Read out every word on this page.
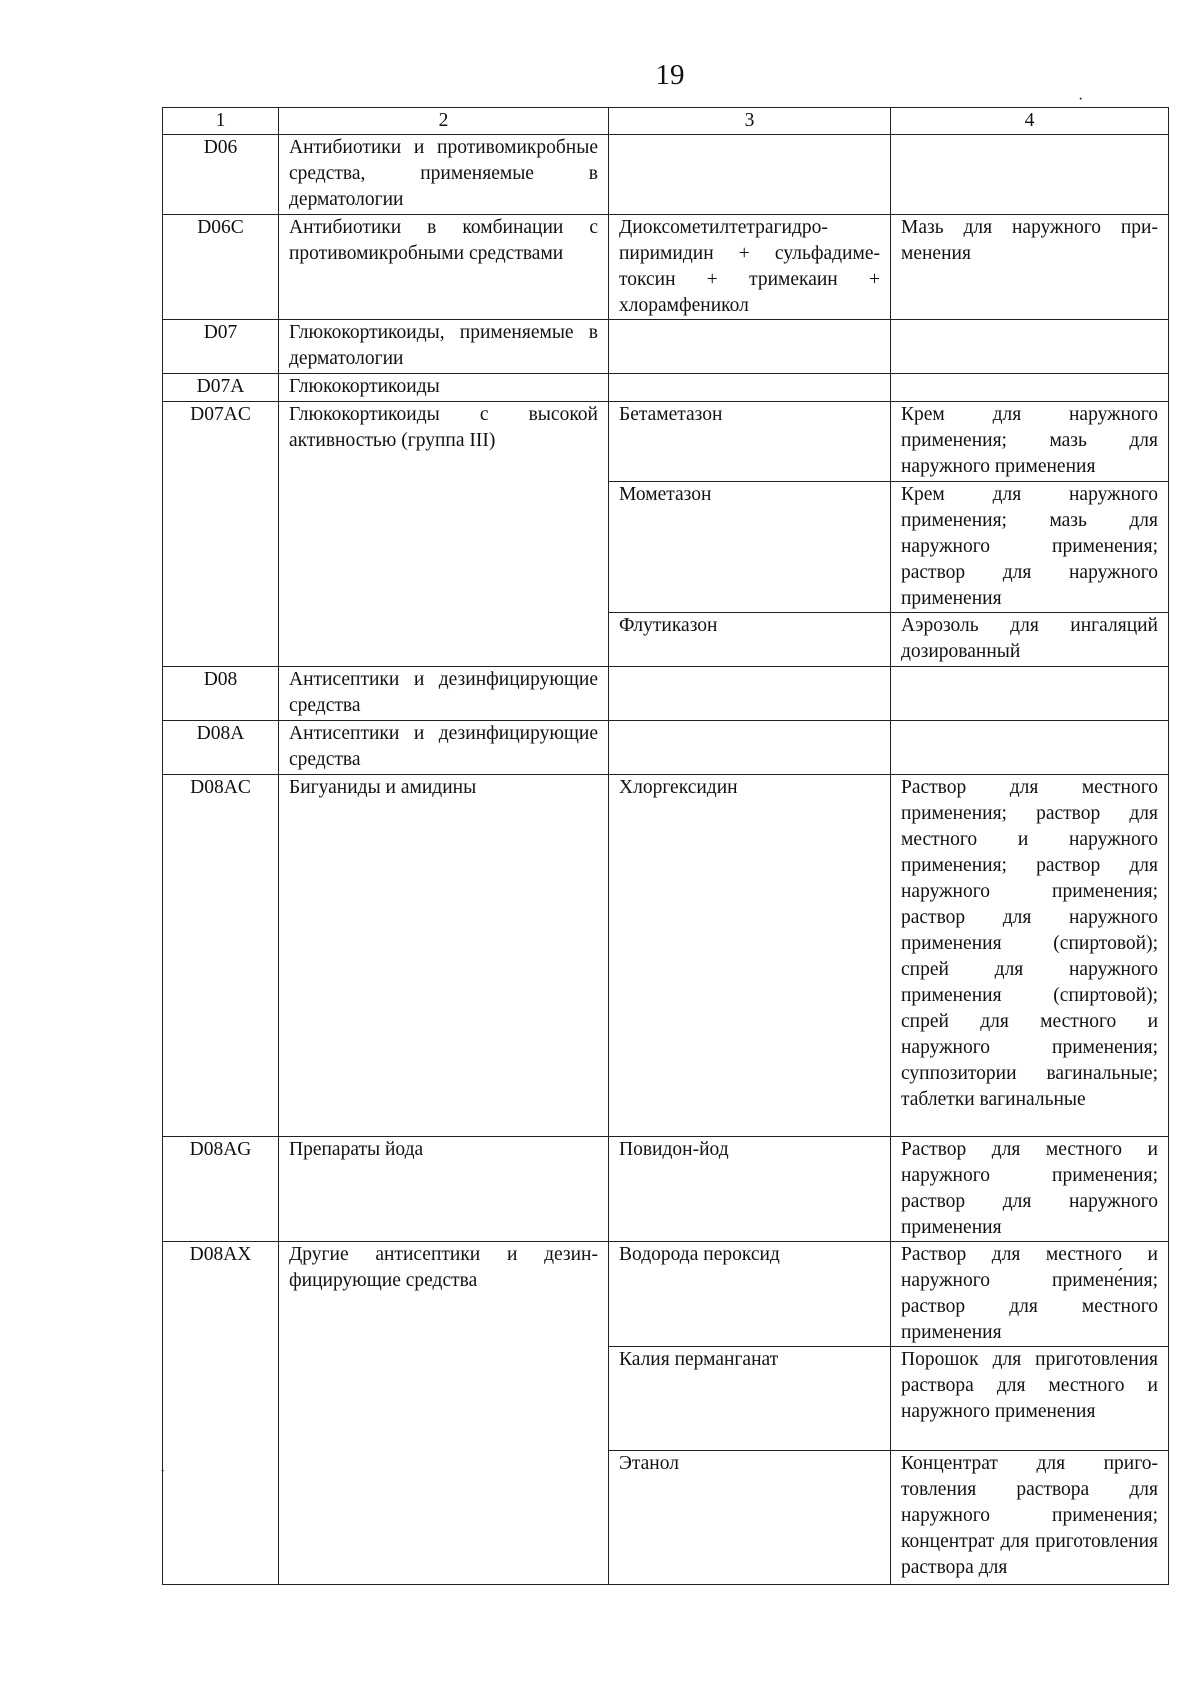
19
·
·
1	2	3	4
D06	Антибиотики и противомикробные средства, применяемые в дерматологии		
D06C	Антибиотики в комбинации с противомикробными средствами	Диоксометилтетрагидропиримидин + сульфадиметоксин + тримекаин + хлорамфеникол	Мазь для наружного применения
D07	Глюкокортикоиды, применяемые в дерматологии		
D07A	Глюкокортикоиды		
D07AC	Глюкокортикоиды с высокой активностью (группа III)	Бетаметазон	Крем для наружного применения; мазь для наружного применения
		Мометазон	Крем для наружного применения; мазь для наружного применения; раствор для наружного применения
		Флутиказон	Аэрозоль для ингаляций дозированный
D08	Антисептики и дезинфицирующие средства		
D08A	Антисептики и дезинфицирующие средства		
D08AC	Бигуаниды и амидины	Хлоргексидин	Раствор для местного применения; раствор для местного и наружного применения; раствор для наружного применения; раствор для наружного применения (спиртовой); спрей для наружного применения (спиртовой); спрей для местного и наружного применения; суппозитории вагинальные; таблетки вагинальные
D08AG	Препараты йода	Повидон-йод	Раствор для местного и наружного применения; раствор для наружного применения
D08AX	Другие антисептики и дезинфицирующие средства	Водорода пероксид	Раствор для местного и наружного примене́ния; раствор для местного применения
		Калия перманганат	Порошок для приготовления раствора для местного и наружного применения
		Этанол	Концентрат для приготовления раствора для наружного применения; концентрат для приготовления раствора для
